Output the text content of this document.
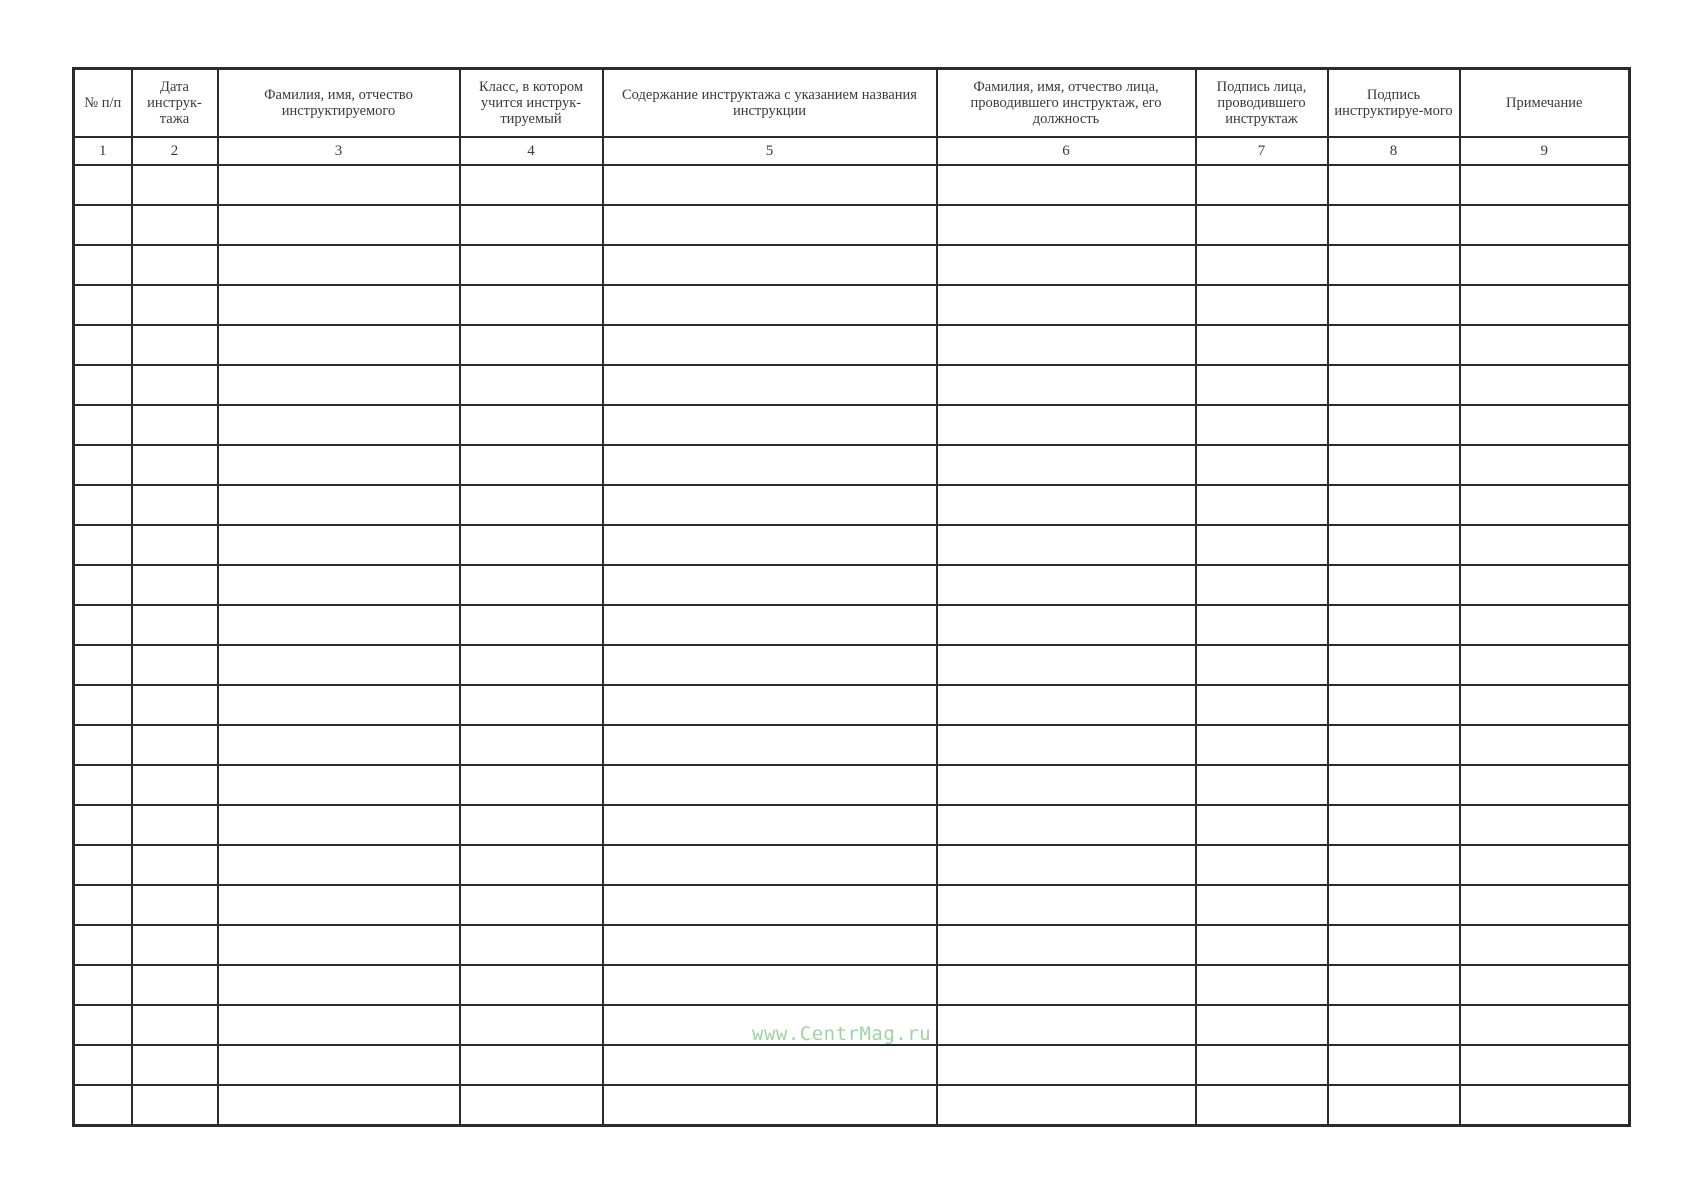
№ п/п	Дата инструк-тажа	Фамилия, имя, отчество инструктируемого	Класс, в котором учится инструк-тируемый	Содержание инструктажа с указанием названия инструкции	Фамилия, имя, отчество лица, проводившего инструктаж, его должность	Подпись лица, проводившего инструктаж	Подпись инструктируе-мого	Примечание
1	2	3	4	5	6	7	8	9

www.CentrMag.ru
